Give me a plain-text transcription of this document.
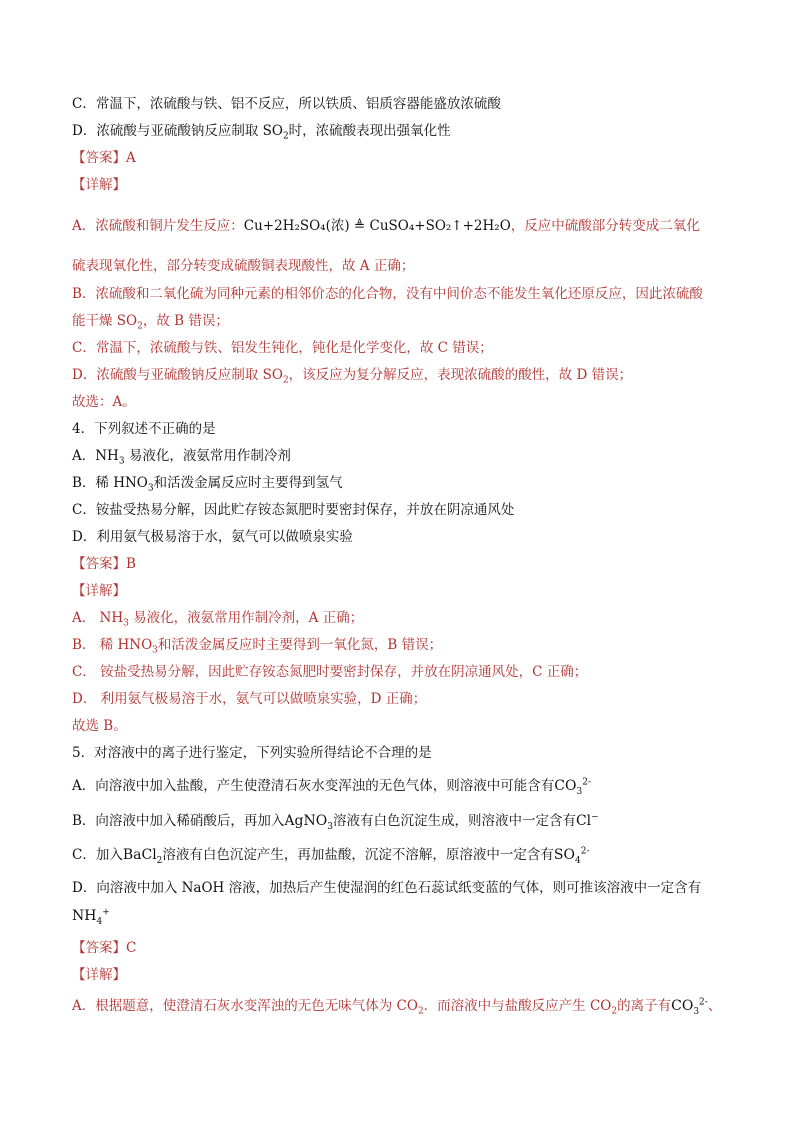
C．常温下，浓硫酸与铁、铝不反应，所以铁质、铝质容器能盛放浓硫酸
D．浓硫酸与亚硫酸钠反应制取 $SO_2$时，浓硫酸表现出强氧化性
【答案】A
【详解】
A．浓硫酸和铜片发生反应：Cu+2H₂SO₄(浓) ≜ CuSO₄+SO₂↑+2H₂O，反应中硫酸部分转变成二氧化
硫表现氧化性，部分转变成硫酸铜表现酸性，故 A 正确；
B．浓硫酸和二氧化硫为同种元素的相邻价态的化合物，没有中间价态不能发生氧化还原反应，因此浓硫酸
能干燥 $SO_2$，故 B 错误；
C．常温下，浓硫酸与铁、铝发生钝化，钝化是化学变化，故 C 错误；
D．浓硫酸与亚硫酸钠反应制取 $SO_2$，该反应为复分解反应，表现浓硫酸的酸性，故 D 错误；
故选：A。
4．下列叙述不正确的是
A．$NH_3$ 易液化，液氨常用作制冷剂
B．稀 $HNO_3$和活泼金属反应时主要得到氢气
C．铵盐受热易分解，因此贮存铵态氮肥时要密封保存，并放在阴凉通风处
D．利用氨气极易溶于水，氨气可以做喷泉实验
【答案】B
【详解】
A． $NH_3$ 易液化，液氨常用作制冷剂，A 正确；
B． 稀 $HNO_3$和活泼金属反应时主要得到一氧化氮，B 错误；
C． 铵盐受热易分解，因此贮存铵态氮肥时要密封保存，并放在阴凉通风处，C 正确；
D． 利用氨气极易溶于水，氨气可以做喷泉实验，D 正确；
故选 B。
5．对溶液中的离子进行鉴定，下列实验所得结论不合理的是
A．向溶液中加入盐酸，产生使澄清石灰水变浑浊的无色气体，则溶液中可能含有$CO_3^{2-}$
B．向溶液中加入稀硝酸后，再加入AgNO$_3$溶液有白色沉淀生成，则溶液中一定含有Cl−
C．加入BaCl$_2$溶液有白色沉淀产生，再加盐酸，沉淀不溶解，原溶液中一定含有$SO_4^{2-}$
D．向溶液中加入 NaOH 溶液，加热后产生使湿润的红色石蕊试纸变蓝的气体，则可推该溶液中一定含有
$NH_4^+$
【答案】C
【详解】
A．根据题意，使澄清石灰水变浑浊的无色无味气体为 $CO_2$．而溶液中与盐酸反应产生 $CO_2$的离子有$CO_3^{2-}$、
